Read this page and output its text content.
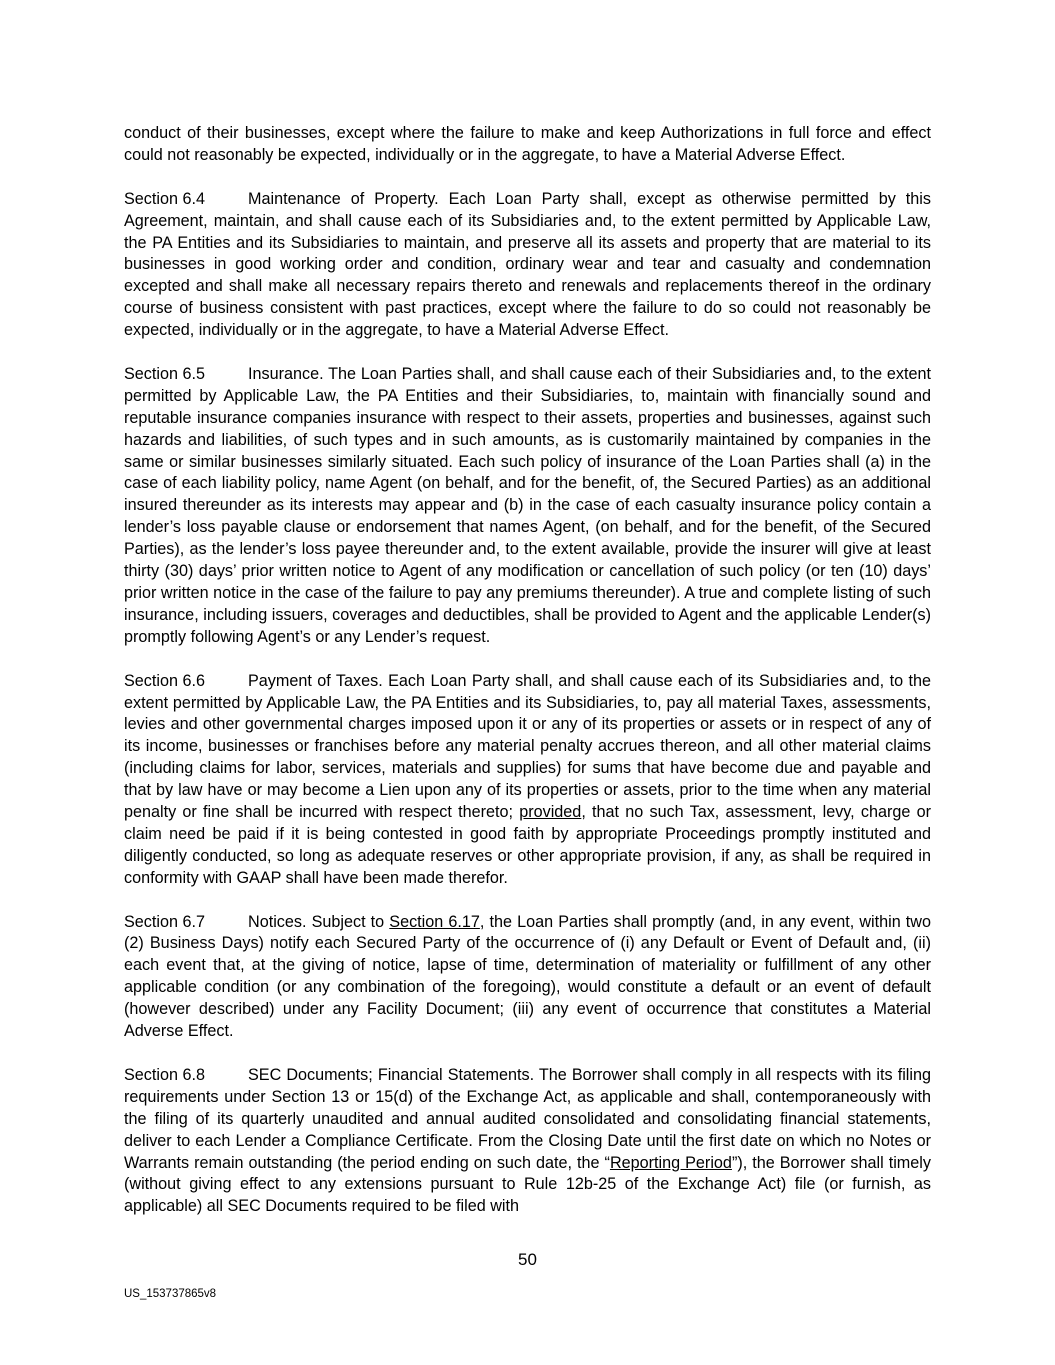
conduct of their businesses, except where the failure to make and keep Authorizations in full force and effect could not reasonably be expected, individually or in the aggregate, to have a Material Adverse Effect.

Section 6.4	Maintenance of Property. Each Loan Party shall, except as otherwise permitted by this Agreement, maintain, and shall cause each of its Subsidiaries and, to the extent permitted by Applicable Law, the PA Entities and its Subsidiaries to maintain, and preserve all its assets and property that are material to its businesses in good working order and condition, ordinary wear and tear and casualty and condemnation excepted and shall make all necessary repairs thereto and renewals and replacements thereof in the ordinary course of business consistent with past practices, except where the failure to do so could not reasonably be expected, individually or in the aggregate, to have a Material Adverse Effect.

Section 6.5	Insurance. The Loan Parties shall, and shall cause each of their Subsidiaries and, to the extent permitted by Applicable Law, the PA Entities and their Subsidiaries, to, maintain with financially sound and reputable insurance companies insurance with respect to their assets, properties and businesses, against such hazards and liabilities, of such types and in such amounts, as is customarily maintained by companies in the same or similar businesses similarly situated. Each such policy of insurance of the Loan Parties shall (a) in the case of each liability policy, name Agent (on behalf, and for the benefit, of, the Secured Parties) as an additional insured thereunder as its interests may appear and (b) in the case of each casualty insurance policy contain a lender’s loss payable clause or endorsement that names Agent, (on behalf, and for the benefit, of the Secured Parties), as the lender’s loss payee thereunder and, to the extent available, provide the insurer will give at least thirty (30) days’ prior written notice to Agent of any modification or cancellation of such policy (or ten (10) days’ prior written notice in the case of the failure to pay any premiums thereunder). A true and complete listing of such insurance, including issuers, coverages and deductibles, shall be provided to Agent and the applicable Lender(s) promptly following Agent’s or any Lender’s request.

Section 6.6	Payment of Taxes. Each Loan Party shall, and shall cause each of its Subsidiaries and, to the extent permitted by Applicable Law, the PA Entities and its Subsidiaries, to, pay all material Taxes, assessments, levies and other governmental charges imposed upon it or any of its properties or assets or in respect of any of its income, businesses or franchises before any material penalty accrues thereon, and all other material claims (including claims for labor, services, materials and supplies) for sums that have become due and payable and that by law have or may become a Lien upon any of its properties or assets, prior to the time when any material penalty or fine shall be incurred with respect thereto; provided, that no such Tax, assessment, levy, charge or claim need be paid if it is being contested in good faith by appropriate Proceedings promptly instituted and diligently conducted, so long as adequate reserves or other appropriate provision, if any, as shall be required in conformity with GAAP shall have been made therefor.

Section 6.7	Notices. Subject to Section 6.17, the Loan Parties shall promptly (and, in any event, within two (2) Business Days) notify each Secured Party of the occurrence of (i) any Default or Event of Default and, (ii) each event that, at the giving of notice, lapse of time, determination of materiality or fulfillment of any other applicable condition (or any combination of the foregoing), would constitute a default or an event of default (however described) under any Facility Document; (iii) any event of occurrence that constitutes a Material Adverse Effect.

Section 6.8	SEC Documents; Financial Statements. The Borrower shall comply in all respects with its filing requirements under Section 13 or 15(d) of the Exchange Act, as applicable and shall, contemporaneously with the filing of its quarterly unaudited and annual audited consolidated and consolidating financial statements, deliver to each Lender a Compliance Certificate. From the Closing Date until the first date on which no Notes or Warrants remain outstanding (the period ending on such date, the “Reporting Period”), the Borrower shall timely (without giving effect to any extensions pursuant to Rule 12b-25 of the Exchange Act) file (or furnish, as applicable) all SEC Documents required to be filed with

50
US_153737865v8
